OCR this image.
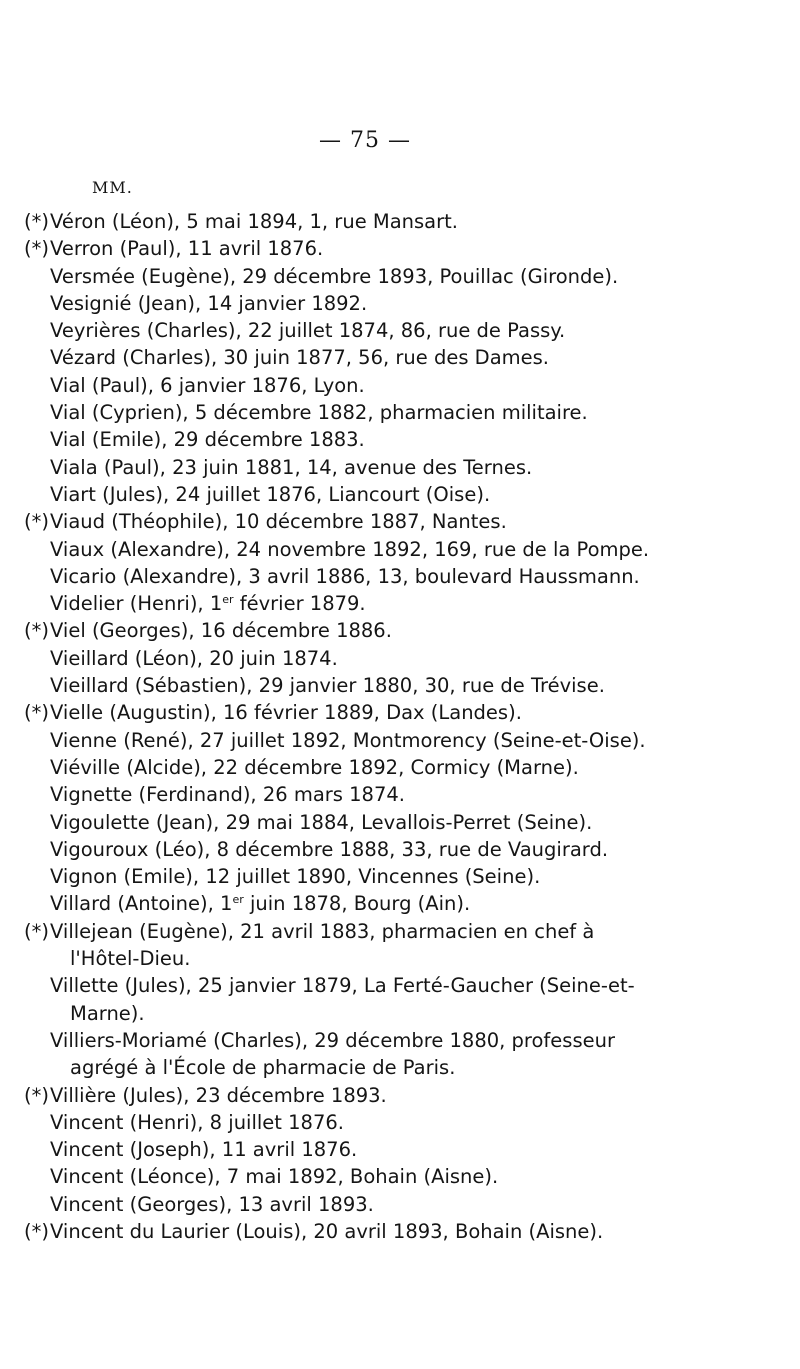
— 75 —
MM.
(*) Véron (Léon), 5 mai 1894, 1, rue Mansart.
(*) Verron (Paul), 11 avril 1876.
Versmée (Eugène), 29 décembre 1893, Pouillac (Gironde).
Vesignié (Jean), 14 janvier 1892.
Veyrières (Charles), 22 juillet 1874, 86, rue de Passy.
Vézard (Charles), 30 juin 1877, 56, rue des Dames.
Vial (Paul), 6 janvier 1876, Lyon.
Vial (Cyprien), 5 décembre 1882, pharmacien militaire.
Vial (Emile), 29 décembre 1883.
Viala (Paul), 23 juin 1881, 14, avenue des Ternes.
Viart (Jules), 24 juillet 1876, Liancourt (Oise).
(*) Viaud (Théophile), 10 décembre 1887, Nantes.
Viaux (Alexandre), 24 novembre 1892, 169, rue de la Pompe.
Vicario (Alexandre), 3 avril 1886, 13, boulevard Haussmann.
Videlier (Henri), 1er février 1879.
(*) Viel (Georges), 16 décembre 1886.
Vieillard (Léon), 20 juin 1874.
Vieillard (Sébastien), 29 janvier 1880, 30, rue de Trévise.
(*) Vielle (Augustin), 16 février 1889, Dax (Landes).
Vienne (René), 27 juillet 1892, Montmorency (Seine-et-Oise).
Viéville (Alcide), 22 décembre 1892, Cormicy (Marne).
Vignette (Ferdinand), 26 mars 1874.
Vigoulette (Jean), 29 mai 1884, Levallois-Perret (Seine).
Vigouroux (Léo), 8 décembre 1888, 33, rue de Vaugirard.
Vignon (Emile), 12 juillet 1890, Vincennes (Seine).
Villard (Antoine), 1er juin 1878, Bourg (Ain).
(*) Villejean (Eugène), 21 avril 1883, pharmacien en chef à
l'Hôtel-Dieu.
Villette (Jules), 25 janvier 1879, La Ferté-Gaucher (Seine-et-
Marne).
Villiers-Moriamé (Charles), 29 décembre 1880, professeur
agrégé à l'École de pharmacie de Paris.
(*) Villière (Jules), 23 décembre 1893.
Vincent (Henri), 8 juillet 1876.
Vincent (Joseph), 11 avril 1876.
Vincent (Léonce), 7 mai 1892, Bohain (Aisne).
Vincent (Georges), 13 avril 1893.
(*) Vincent du Laurier (Louis), 20 avril 1893, Bohain (Aisne).
